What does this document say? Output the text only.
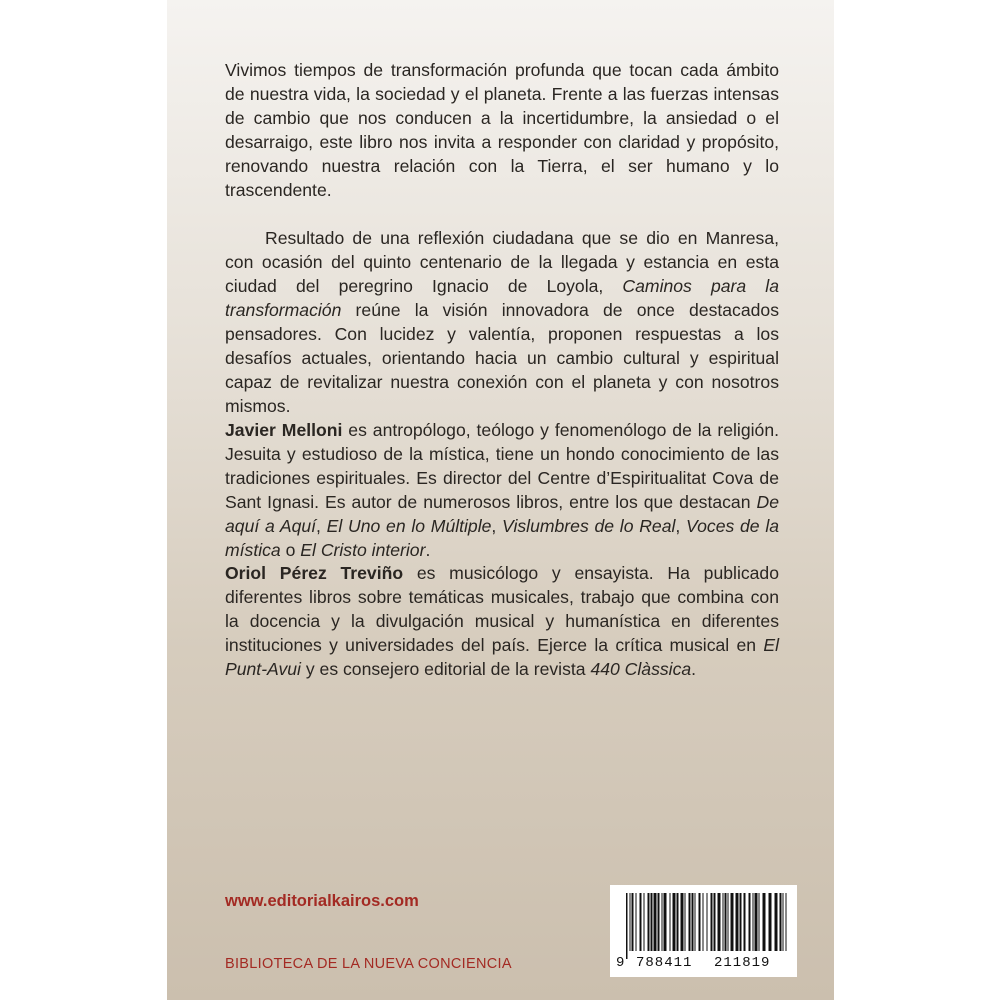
Vivimos tiempos de transformación profunda que tocan cada ámbito de nuestra vida, la sociedad y el planeta. Frente a las fuerzas intensas de cambio que nos conducen a la incertidumbre, la ansiedad o el desarraigo, este libro nos invita a responder con claridad y propósito, renovando nuestra relación con la Tierra, el ser humano y lo trascendente.

Resultado de una reflexión ciudadana que se dio en Manresa, con ocasión del quinto centenario de la llegada y estancia en esta ciudad del peregrino Ignacio de Loyola, Caminos para la transformación reúne la visión innovadora de once destacados pensadores. Con lucidez y valentía, proponen respuestas a los desafíos actuales, orientando hacia un cambio cultural y espiritual capaz de revitalizar nuestra conexión con el planeta y con nosotros mismos.

Javier Melloni es antropólogo, teólogo y fenomenólogo de la religión. Jesuita y estudioso de la mística, tiene un hondo conocimiento de las tradiciones espirituales. Es director del Centre d’Espiritualitat Cova de Sant Ignasi. Es autor de numerosos libros, entre los que destacan De aquí a Aquí, El Uno en lo Múltiple, Vislumbres de lo Real, Voces de la mística o El Cristo interior.

Oriol Pérez Treviño es musicólogo y ensayista. Ha publicado diferentes libros sobre temáticas musicales, trabajo que combina con la docencia y la divulgación musical y humanística en diferentes instituciones y universidades del país. Ejerce la crítica musical en El Punt-Avui y es consejero editorial de la revista 440 Clàssica.

www.editorialkairos.com

BIBLIOTECA DE LA NUEVA CONCIENCIA	9 788411 211819
